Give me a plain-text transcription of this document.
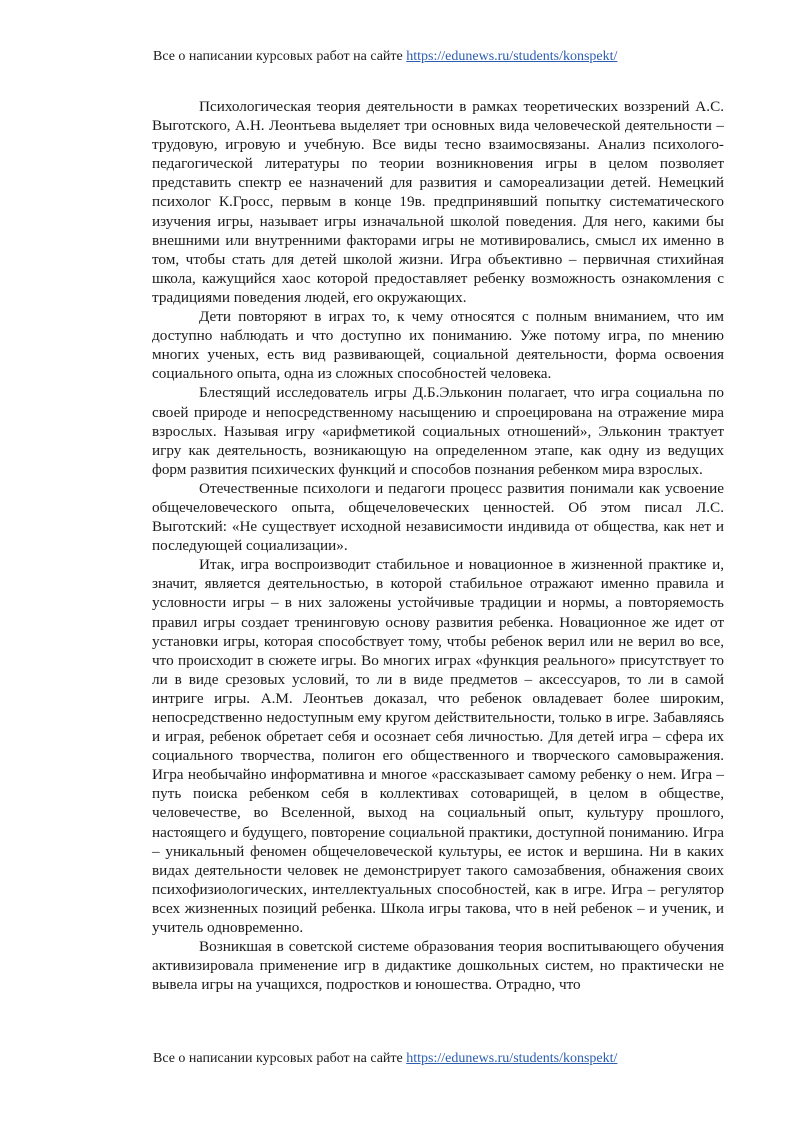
Все о написании курсовых работ на сайте https://edunews.ru/students/konspekt/

Психологическая теория деятельности в рамках теоретических воззрений А.С. Выготского, А.Н. Леонтьева выделяет три основных вида человеческой деятельности – трудовую, игровую и учебную. Все виды тесно взаимосвязаны. Анализ психолого-педагогической литературы по теории возникновения игры в целом позволяет представить спектр ее назначений для развития и самореализации детей. Немецкий психолог К.Гросс, первым в конце 19в. предпринявший попытку систематического изучения игры, называет игры изначальной школой поведения. Для него, какими бы внешними или внутренними факторами игры не мотивировались, смысл их именно в том, чтобы стать для детей школой жизни. Игра объективно – первичная стихийная школа, кажущийся хаос которой предоставляет ребенку возможность ознакомления с традициями поведения людей, его окружающих.

Дети повторяют в играх то, к чему относятся с полным вниманием, что им доступно наблюдать и что доступно их пониманию. Уже потому игра, по мнению многих ученых, есть вид развивающей, социальной деятельности, форма освоения социального опыта, одна из сложных способностей человека.

Блестящий исследователь игры Д.Б.Эльконин полагает, что игра социальна по своей природе и непосредственному насыщению и спроецирована на отражение мира взрослых. Называя игру «арифметикой социальных отношений», Эльконин трактует игру как деятельность, возникающую на определенном этапе, как одну из ведущих форм развития психических функций и способов познания ребенком мира взрослых.

Отечественные психологи и педагоги процесс развития понимали как усвоение общечеловеческого опыта, общечеловеческих ценностей. Об этом писал Л.С. Выготский: «Не существует исходной независимости индивида от общества, как нет и последующей социализации».

Итак, игра воспроизводит стабильное и новационное в жизненной практике и, значит, является деятельностью, в которой стабильное отражают именно правила и условности игры – в них заложены устойчивые традиции и нормы, а повторяемость правил игры создает тренинговую основу развития ребенка. Новационное же идет от установки игры, которая способствует тому, чтобы ребенок верил или не верил во все, что происходит в сюжете игры. Во многих играх «функция реального» присутствует то ли в виде срезовых условий, то ли в виде предметов – аксессуаров, то ли в самой интриге игры. А.М. Леонтьев доказал, что ребенок овладевает более широким, непосредственно недоступным ему кругом действительности, только в игре. Забавляясь и играя, ребенок обретает себя и осознает себя личностью. Для детей игра – сфера их социального творчества, полигон его общественного и творческого самовыражения. Игра необычайно информативна и многое «рассказывает самому ребенку о нем. Игра – путь поиска ребенком себя в коллективах сотоварищей, в целом в обществе, человечестве, во Вселенной, выход на социальный опыт, культуру прошлого, настоящего и будущего, повторение социальной практики, доступной пониманию. Игра – уникальный феномен общечеловеческой культуры, ее исток и вершина. Ни в каких видах деятельности человек не демонстрирует такого самозабвения, обнажения своих психофизиологических, интеллектуальных способностей, как в игре. Игра – регулятор всех жизненных позиций ребенка. Школа игры такова, что в ней ребенок – и ученик, и учитель одновременно.

Возникшая в советской системе образования теория воспитывающего обучения активизировала применение игр в дидактике дошкольных систем, но практически не вывела игры на учащихся, подростков и юношества. Отрадно, что

Все о написании курсовых работ на сайте https://edunews.ru/students/konspekt/
